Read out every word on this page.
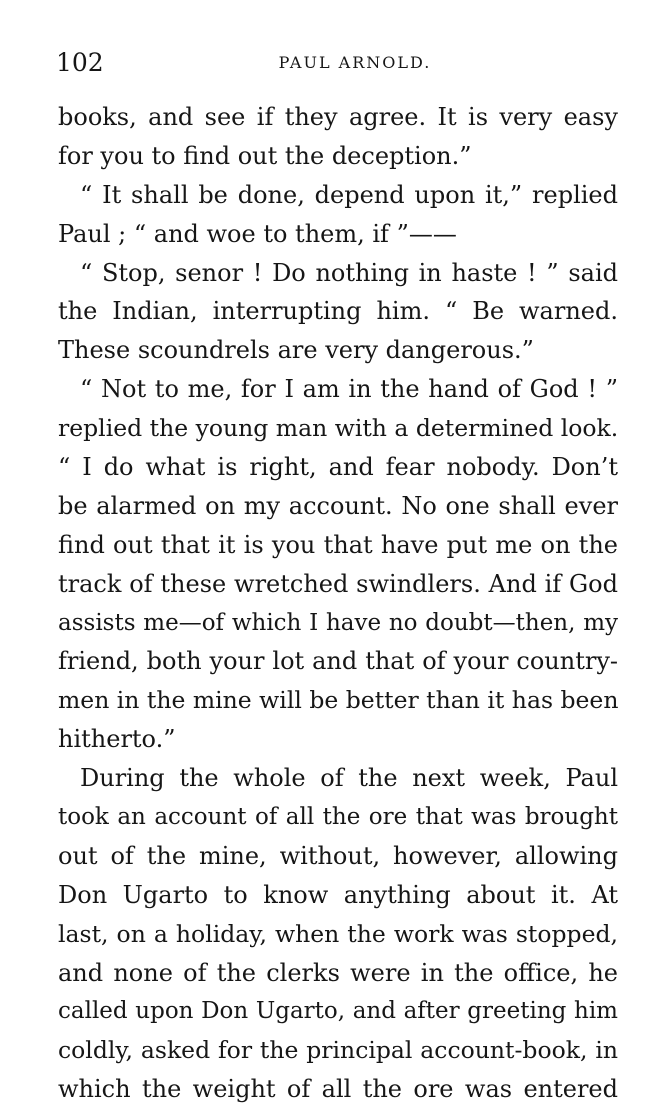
102	PAUL ARNOLD.
books, and see if they agree. It is very easy
for you to find out the deception.”
“ It shall be done, depend upon it,” replied
Paul ; “ and woe to them, if ”——
“ Stop, senor ! Do nothing in haste ! ” said
the Indian, interrupting him. “ Be warned.
These scoundrels are very dangerous.”
“ Not to me, for I am in the hand of God ! ”
replied the young man with a determined look.
“ I do what is right, and fear nobody. Don’t
be alarmed on my account. No one shall ever
find out that it is you that have put me on the
track of these wretched swindlers. And if God
assists me—of which I have no doubt—then, my
friend, both your lot and that of your country-
men in the mine will be better than it has been
hitherto.”
During the whole of the next week, Paul
took an account of all the ore that was brought
out of the mine, without, however, allowing
Don Ugarto to know anything about it. At
last, on a holiday, when the work was stopped,
and none of the clerks were in the office, he
called upon Don Ugarto, and after greeting him
coldly, asked for the principal account-book, in
which the weight of all the ore was entered
